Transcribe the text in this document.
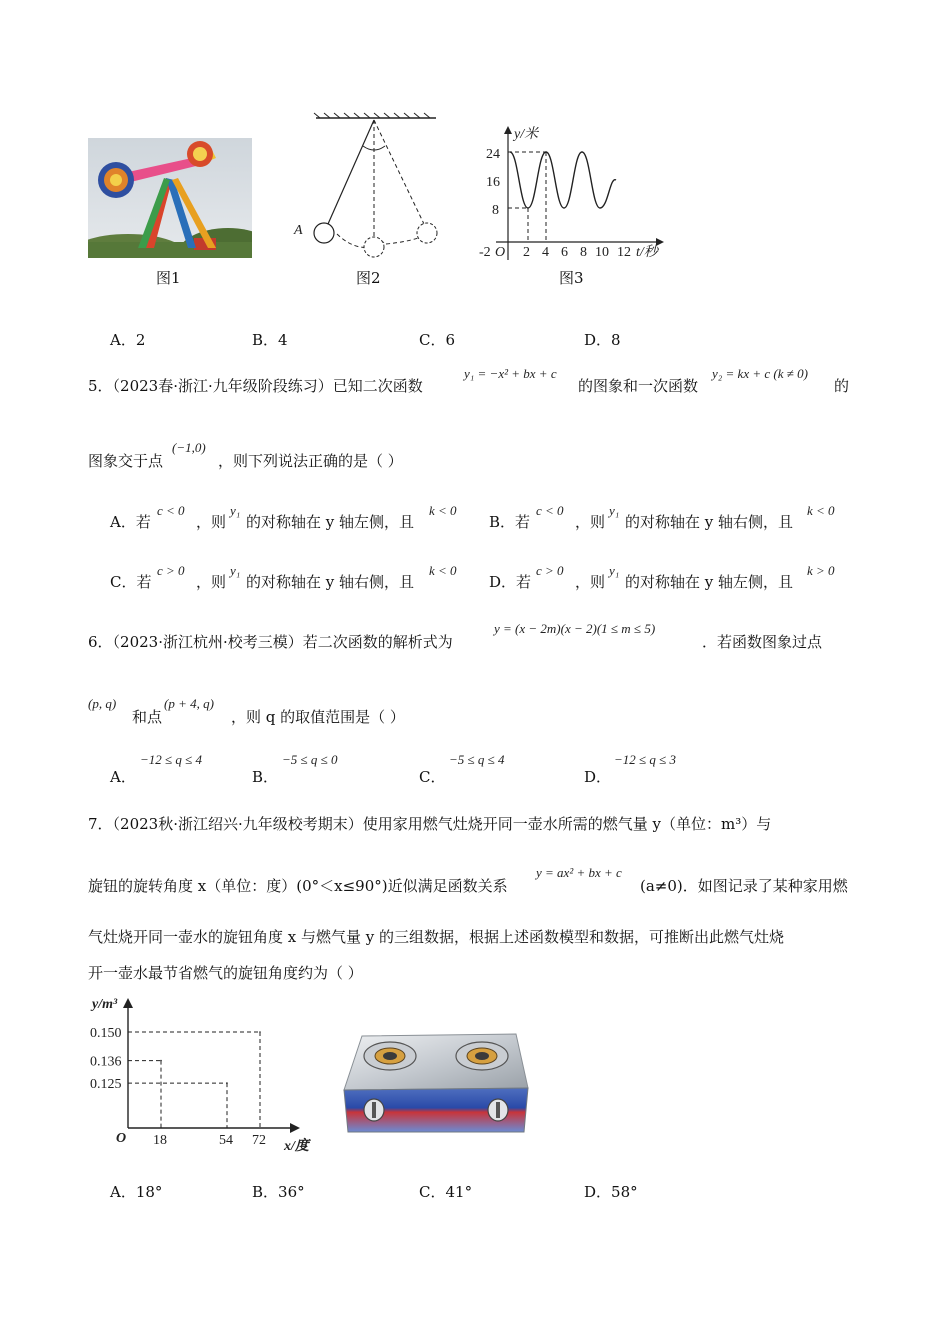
图1
A
图2
y/米
24
16
8
-2 O 2 4 6 8 10 12 t/秒
图3
A．2	B．4	C．6	D．8
5．（2023春·浙江·九年级阶段练习）已知二次函数
y₁ = −x² + bx + c
的图象和一次函数
y₂ = kx + c (k ≠ 0)
的
图象交于点
(−1,0)
，则下列说法正确的是（ ）
A．若
c < 0
，则
y₁
的对称轴在 y 轴左侧，且
k < 0
B．若
c < 0
，则
y₁
的对称轴在 y 轴右侧，且
k < 0
C．若
c > 0
，则
y₁
的对称轴在 y 轴右侧，且
k < 0
D．若
c > 0
，则
y₁
的对称轴在 y 轴左侧，且
k > 0
6．（2023·浙江杭州·校考三模）若二次函数的解析式为
y = (x − 2m)(x − 2)(1 ≤ m ≤ 5)
．若函数图象过点
(p, q)
和点
(p + 4, q)
，则 q 的取值范围是（ ）
A．
−12 ≤ q ≤ 4
B．
−5 ≤ q ≤ 0
C．
−5 ≤ q ≤ 4
D．
−12 ≤ q ≤ 3
7．（2023秋·浙江绍兴·九年级校考期末）使用家用燃气灶烧开同一壶水所需的燃气量 y（单位：m³）与
旋钮的旋转角度 x（单位：度）(0°＜x≤90°)近似满足函数关系
y = ax² + bx + c
(a≠0)．如图记录了某种家用燃
气灶烧开同一壶水的旋钮角度 x 与燃气量 y 的三组数据，根据上述函数模型和数据，可推断出此燃气灶烧
开一壶水最节省燃气的旋钮角度约为（ ）
0.150
0.136
0.125
18	54 72
y/m³
O
x/度
A．18°	B．36°	C．41°	D．58°
